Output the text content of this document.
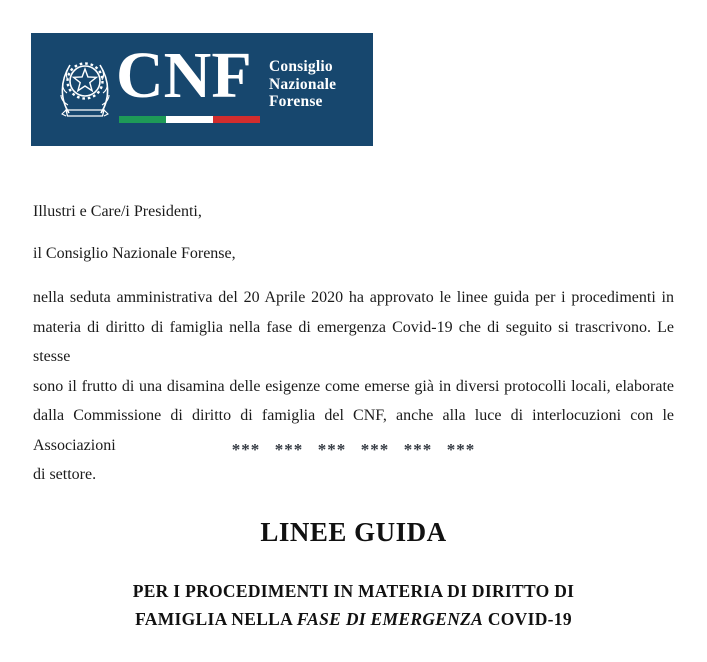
CNF Consiglio
Nazionale
Forense
Illustri e Care/i Presidenti,
il Consiglio Nazionale Forense,
nella seduta amministrativa del 20 Aprile 2020 ha approvato le linee guida per i procedimenti in
materia di diritto di famiglia nella fase di emergenza Covid-19 che di seguito si trascrivono. Le stesse
sono il frutto di una disamina delle esigenze come emerse già in diversi protocolli locali, elaborate
dalla Commissione di diritto di famiglia del CNF, anche alla luce di interlocuzioni con le Associazioni
di settore.
***  ***  ***  ***  ***  ***
LINEE GUIDA
PER I PROCEDIMENTI IN MATERIA DI DIRITTO DI
FAMIGLIA NELLA FASE DI EMERGENZA COVID-19
